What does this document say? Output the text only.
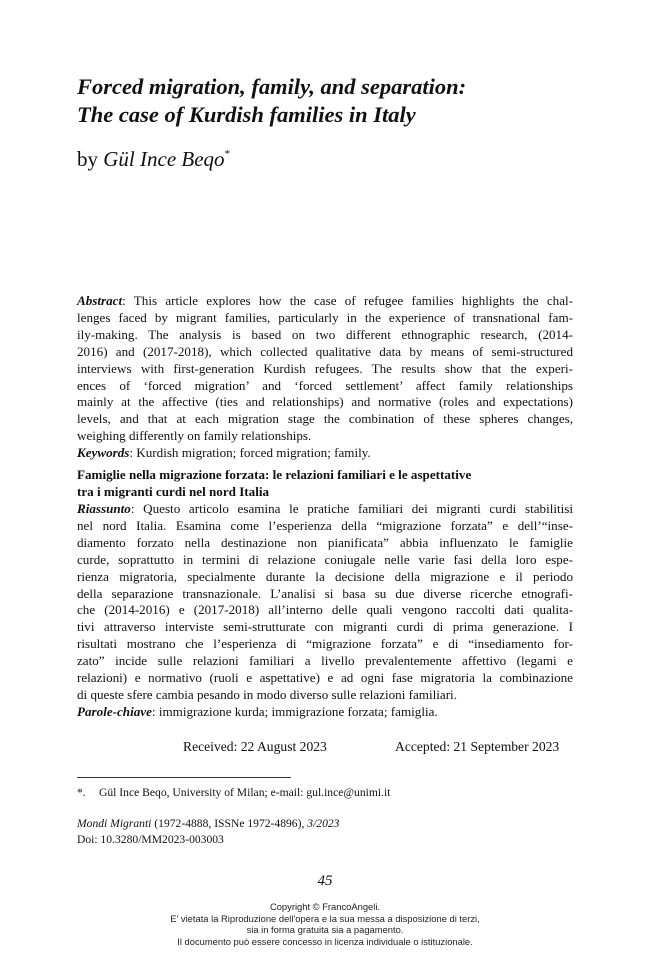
Forced migration, family, and separation:
The case of Kurdish families in Italy
by Gül Ince Beqo*
Abstract: This article explores how the case of refugee families highlights the chal-
lenges faced by migrant families, particularly in the experience of transnational fam-
ily-making. The analysis is based on two different ethnographic research, (2014-
2016) and (2017-2018), which collected qualitative data by means of semi-structured
interviews with first-generation Kurdish refugees. The results show that the experi-
ences of ‘forced migration’ and ‘forced settlement’ affect family relationships
mainly at the affective (ties and relationships) and normative (roles and expectations)
levels, and that at each migration stage the combination of these spheres changes,
weighing differently on family relationships.
Keywords: Kurdish migration; forced migration; family.
Famiglie nella migrazione forzata: le relazioni familiari e le aspettative
tra i migranti curdi nel nord Italia
Riassunto: Questo articolo esamina le pratiche familiari dei migranti curdi stabilitisi
nel nord Italia. Esamina come l’esperienza della “migrazione forzata” e dell’“inse-
diamento forzato nella destinazione non pianificata” abbia influenzato le famiglie
curde, soprattutto in termini di relazione coniugale nelle varie fasi della loro espe-
rienza migratoria, specialmente durante la decisione della migrazione e il periodo
della separazione transnazionale. L’analisi si basa su due diverse ricerche etnografi-
che (2014-2016) e (2017-2018) all’interno delle quali vengono raccolti dati qualita-
tivi attraverso interviste semi-strutturate con migranti curdi di prima generazione. I
risultati mostrano che l’esperienza di “migrazione forzata” e di “insediamento for-
zato” incide sulle relazioni familiari a livello prevalentemente affettivo (legami e
relazioni) e normativo (ruoli e aspettative) e ad ogni fase migratoria la combinazione
di queste sfere cambia pesando in modo diverso sulle relazioni familiari.
Parole-chiave: immigrazione kurda; immigrazione forzata; famiglia.
Received: 22 August 2023	Accepted: 21 September 2023
*. Gül Ince Beqo, University of Milan; e-mail: gul.ince@unimi.it
Mondi Migranti (1972-4888, ISSNe 1972-4896), 3/2023
Doi: 10.3280/MM2023-003003
45
Copyright © FrancoAngeli.
E' vietata la Riproduzione dell'opera e la sua messa a disposizione di terzi,
sia in forma gratuita sia a pagamento.
Il documento può essere concesso in licenza individuale o istituzionale.
